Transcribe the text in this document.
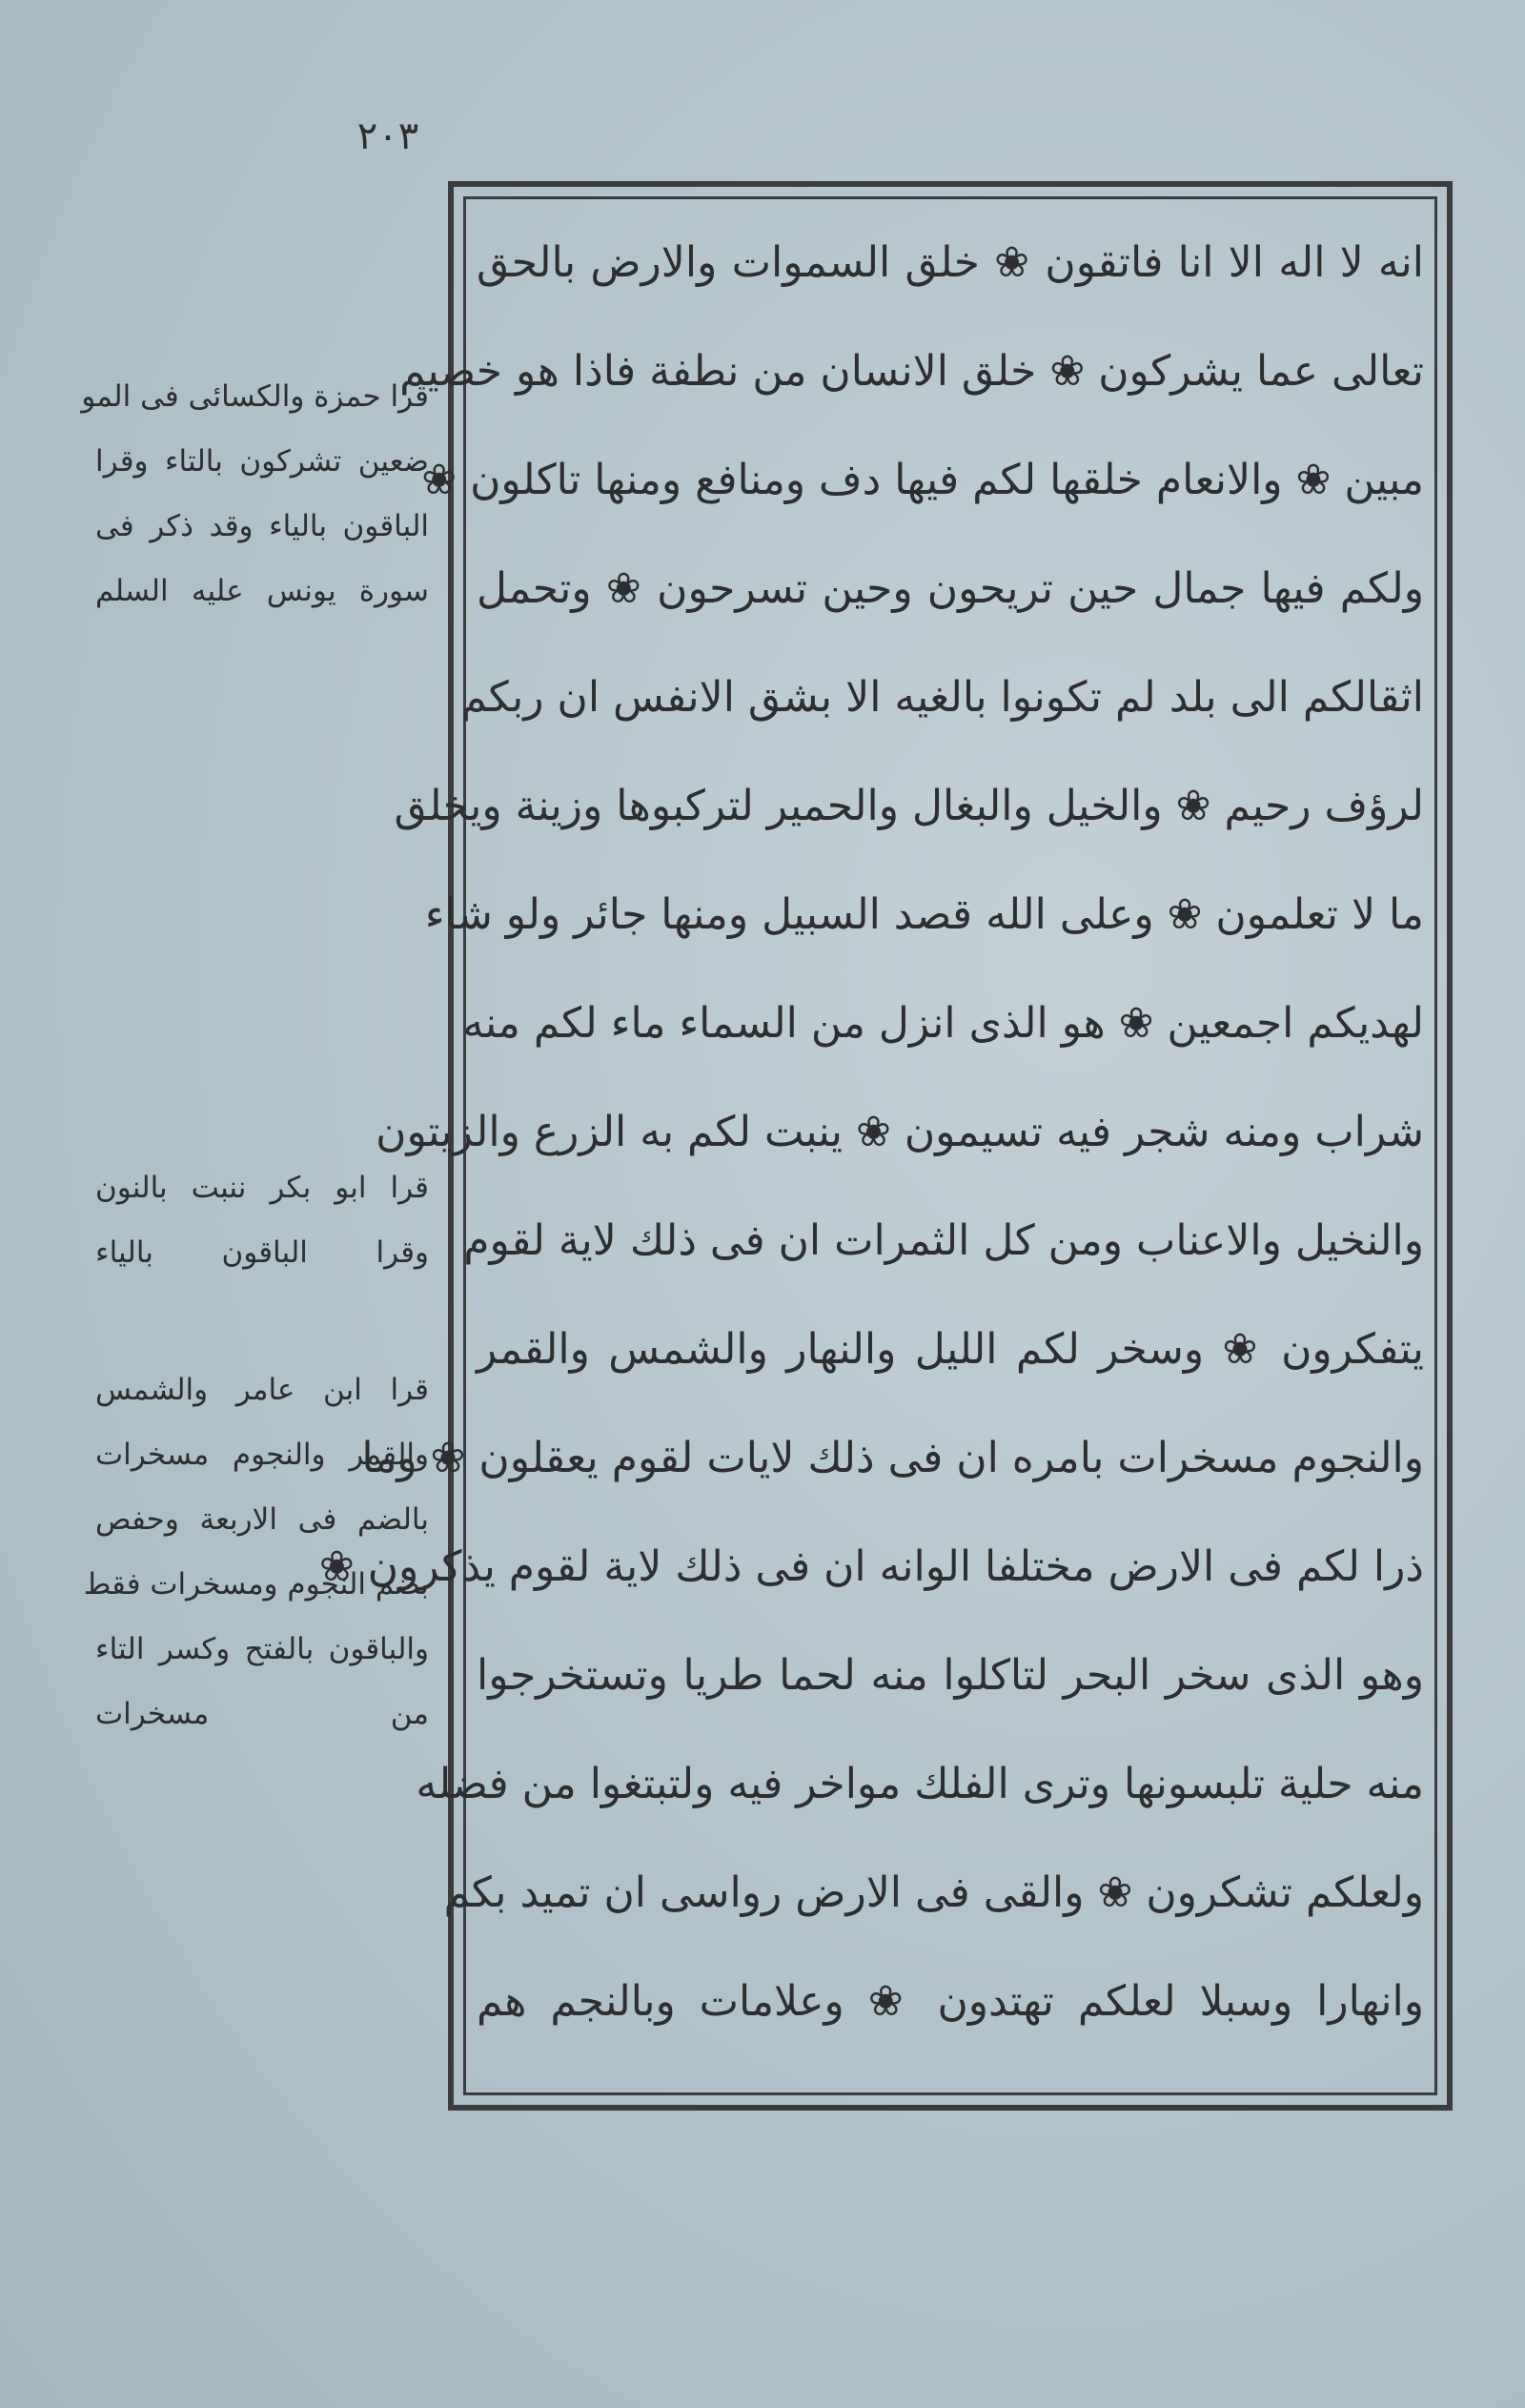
٢٠٣
انه لا اله الا انا فاتقون ❀ خلق السموات والارض بالحق
تعالى عما يشركون ❀ خلق الانسان من نطفة فاذا هو خصيم
مبين ❀ والانعام خلقها لكم فيها دف ومنافع ومنها تاكلون ❀
ولكم فيها جمال حين تريحون وحين تسرحون ❀ وتحمل
اثقالكم الى بلد لم تكونوا بالغيه الا بشق الانفس ان ربكم
لرؤف رحيم ❀ والخيل والبغال والحمير لتركبوها وزينة ويخلق
ما لا تعلمون ❀ وعلى الله قصد السبيل ومنها جائر ولو شاء
لهديكم اجمعين ❀ هو الذى انزل من السماء ماء لكم منه
شراب ومنه شجر فيه تسيمون ❀ ينبت لكم به الزرع والزيتون
والنخيل والاعناب ومن كل الثمرات ان فى ذلك لاية لقوم
يتفكرون ❀ وسخر لكم الليل والنهار والشمس والقمر
والنجوم مسخرات بامره ان فى ذلك لايات لقوم يعقلون ❀ وما
ذرا لكم فى الارض مختلفا الوانه ان فى ذلك لاية لقوم يذكرون ❀
وهو الذى سخر البحر لتاكلوا منه لحما طريا وتستخرجوا
منه حلية تلبسونها وترى الفلك مواخر فيه ولتبتغوا من فضله
ولعلكم تشكرون ❀ والقى فى الارض رواسى ان تميد بكم
وانهارا وسبلا لعلكم تهتدون ❀ وعلامات وبالنجم هم
قرا حمزة والكسائى فى المو
ضعين تشركون بالتاء وقرا
الباقون بالياء وقد ذكر فى
سورة يونس عليه السلم
قرا ابو بكر ننبت بالنون
وقرا الباقون بالياء
قرا ابن عامر والشمس
والقمر والنجوم مسخرات
بالضم فى الاربعة وحفص
بضم النجوم ومسخرات فقط
والباقون بالفتح وكسر التاء
من مسخرات
